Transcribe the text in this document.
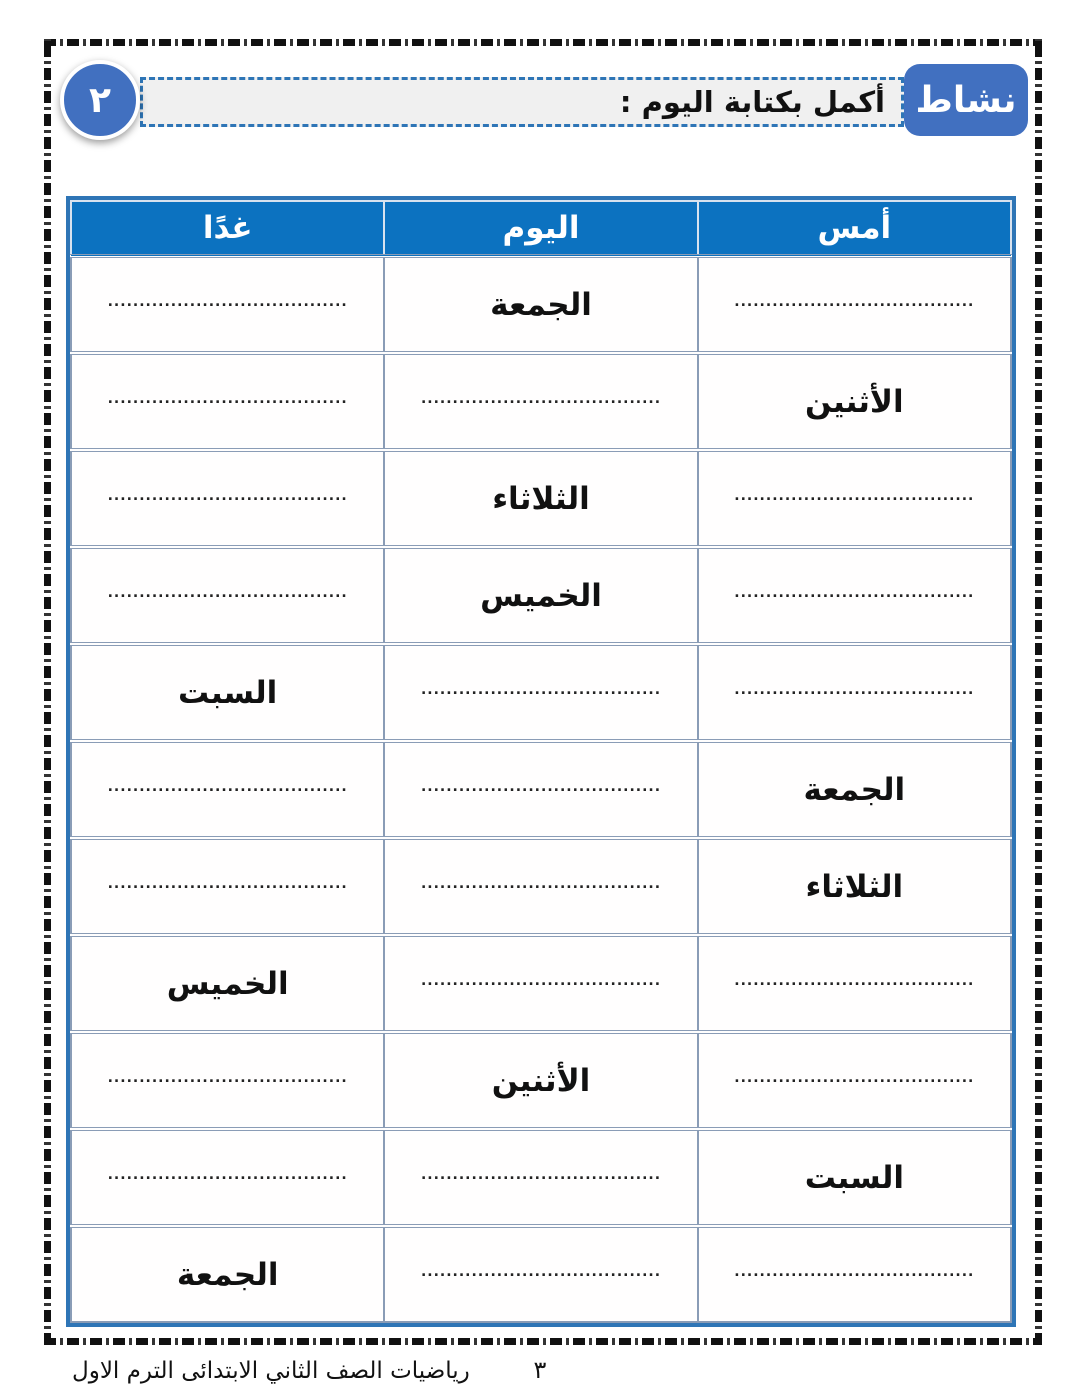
نشاط
أكمل بكتابة اليوم :
٢
أمس	اليوم	غدًا
......................................	الجمعة	......................................
الأثنين	......................................	......................................
......................................	الثلاثاء	......................................
......................................	الخميس	......................................
......................................	......................................	السبت
الجمعة	......................................	......................................
الثلاثاء	......................................	......................................
......................................	......................................	الخميس
......................................	الأثنين	......................................
السبت	......................................	......................................
......................................	......................................	الجمعة
رياضيات الصف الثاني الابتدائى الترم الاول	٣
